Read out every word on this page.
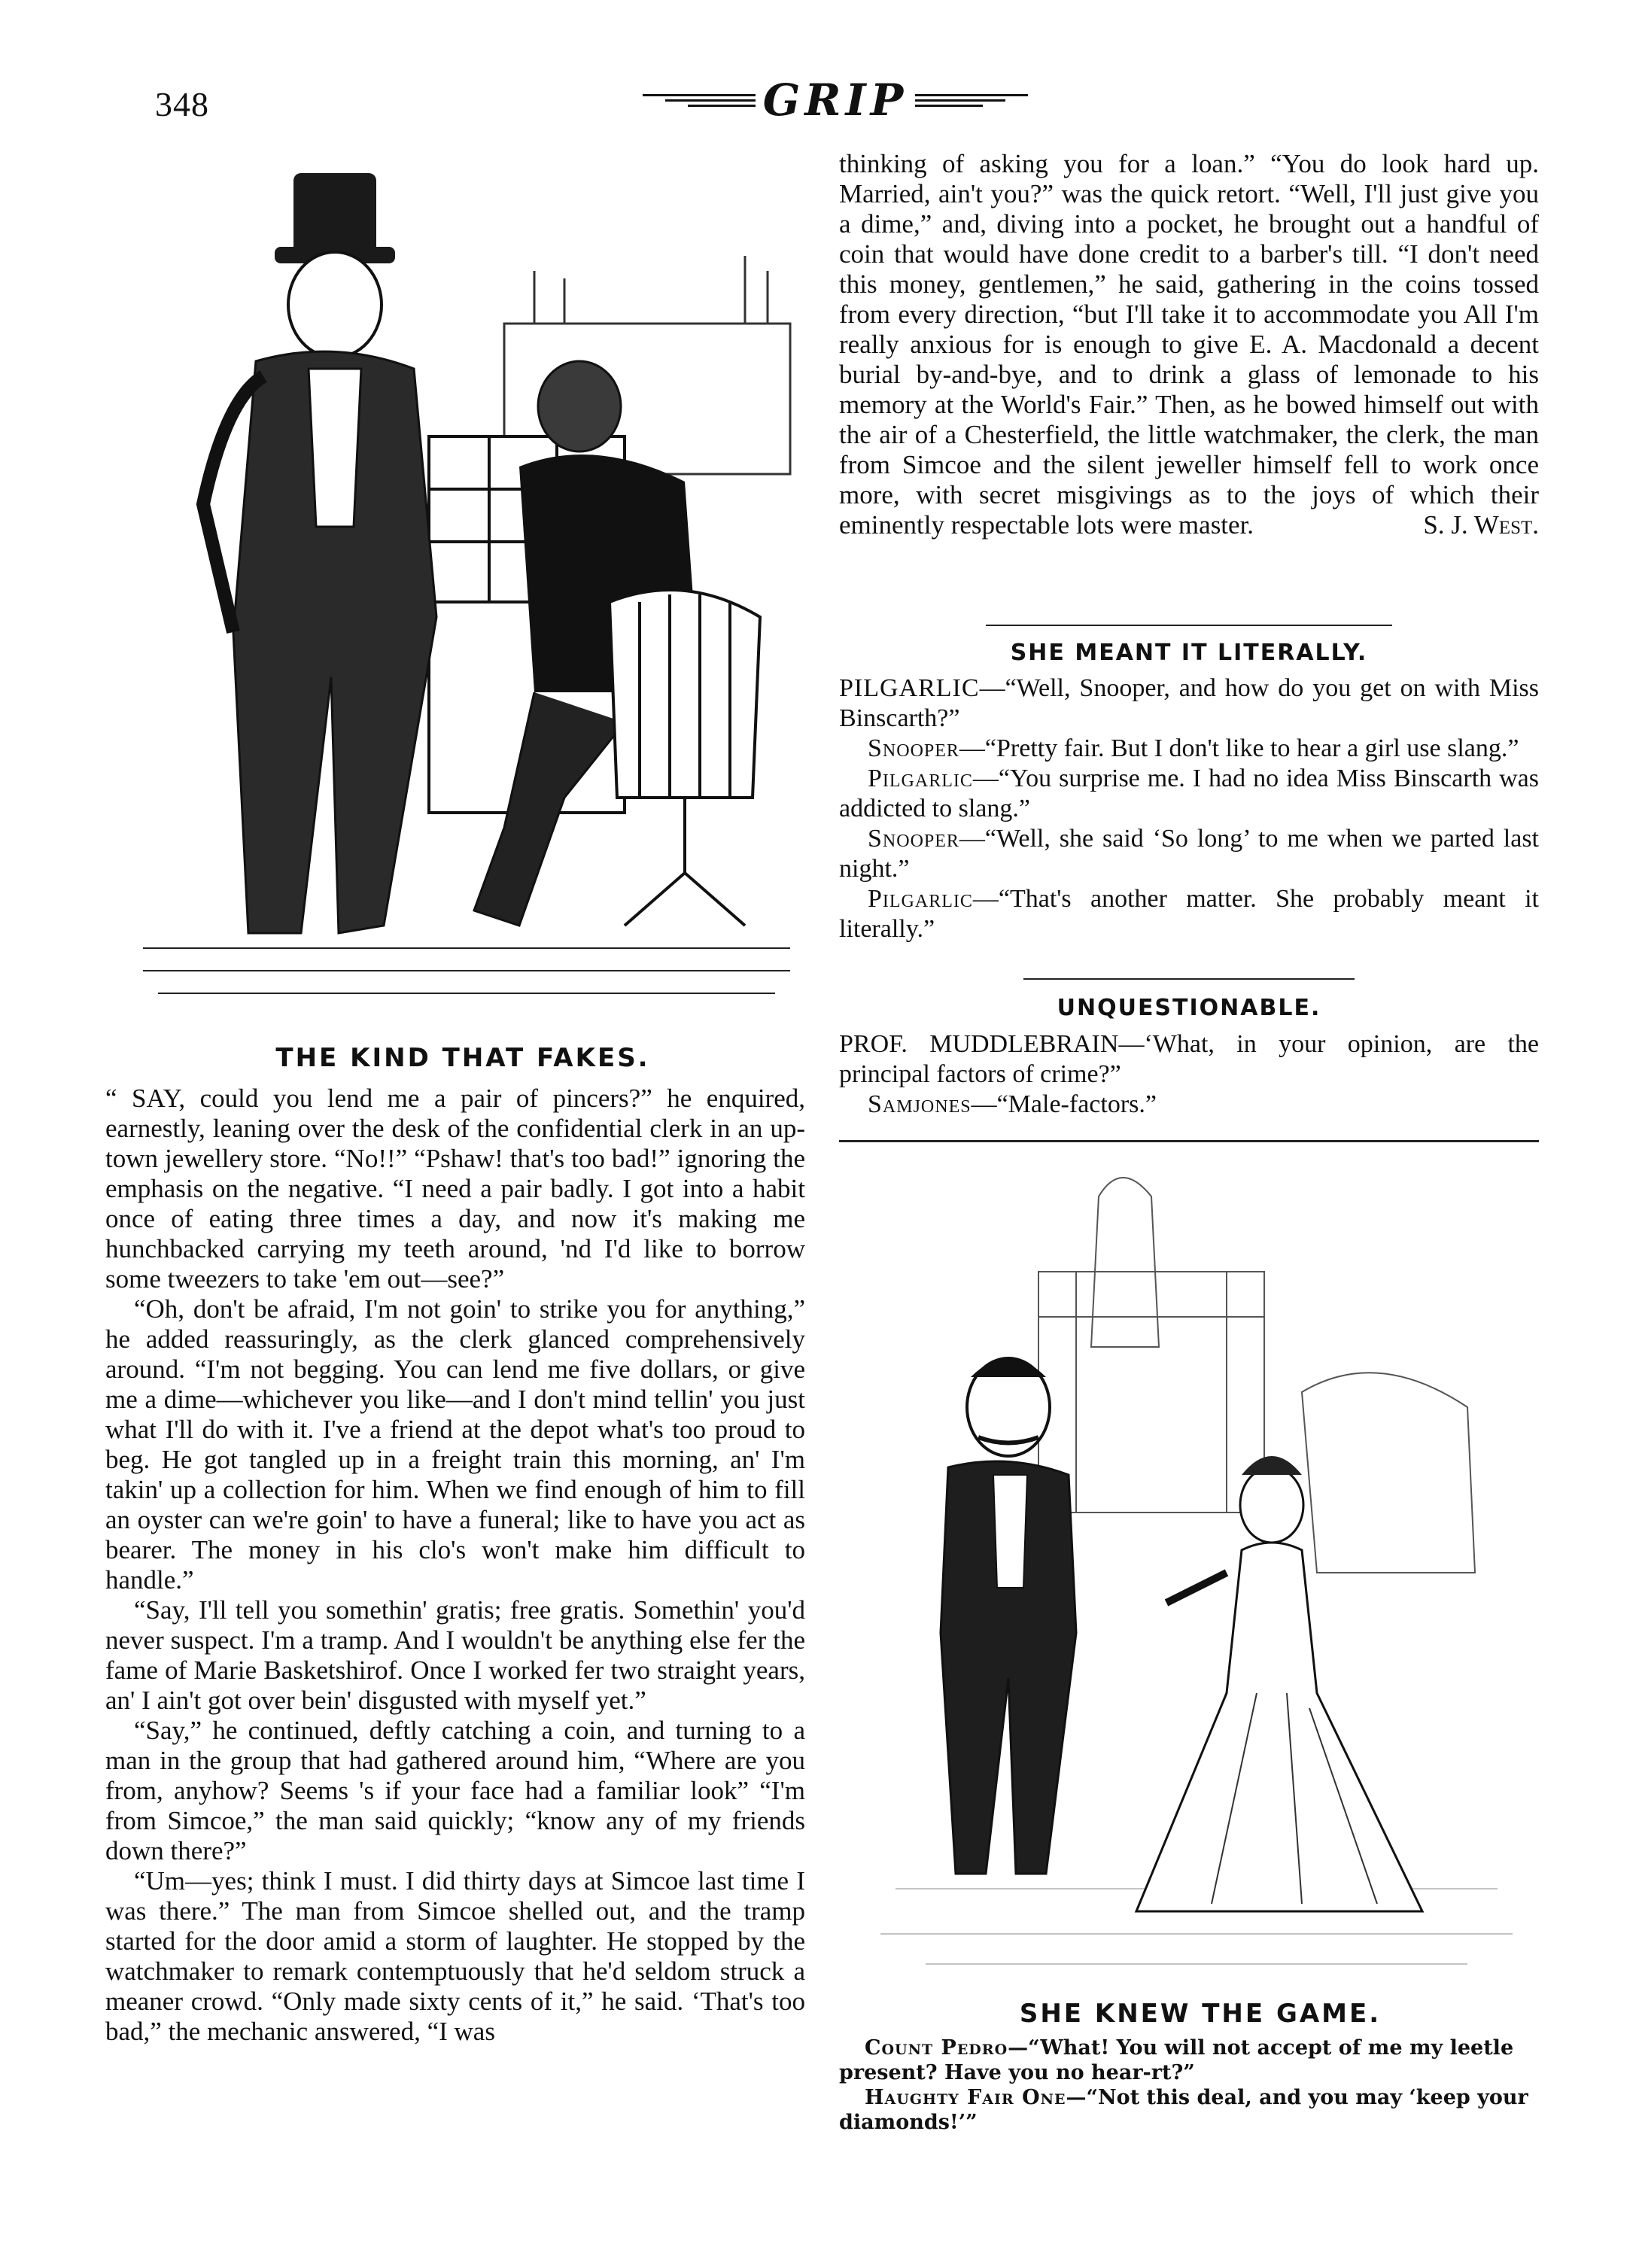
348	GRIP
THE KIND THAT FAKES.

“ SAY, could you lend me a pair of pincers?” he enquired, earnestly, leaning over the desk of the confidential clerk in an up-town jewellery store. “No!!” “Pshaw! that's too bad!” ignoring the emphasis on the negative. “I need a pair badly. I got into a habit once of eating three times a day, and now it's making me hunchbacked carrying my teeth around, 'nd I'd like to borrow some tweezers to take 'em out—see?”

“Oh, don't be afraid, I'm not goin' to strike you for anything,” he added reassuringly, as the clerk glanced comprehensively around. “I'm not begging. You can lend me five dollars, or give me a dime—whichever you like—and I don't mind tellin' you just what I'll do with it. I've a friend at the depot what's too proud to beg. He got tangled up in a freight train this morning, an' I'm takin' up a collection for him. When we find enough of him to fill an oyster can we're goin' to have a funeral; like to have you act as bearer. The money in his clo's won't make him difficult to handle.”

“Say, I'll tell you somethin' gratis; free gratis. Somethin' you'd never suspect. I'm a tramp. And I wouldn't be anything else fer the fame of Marie Basketshirof. Once I worked fer two straight years, an' I ain't got over bein' disgusted with myself yet.”

“Say,” he continued, deftly catching a coin, and turning to a man in the group that had gathered around him, “Where are you from, anyhow? Seems 's if your face had a familiar look” “I'm from Simcoe,” the man said quickly; “know any of my friends down there?”

“Um—yes; think I must. I did thirty days at Simcoe last time I was there.” The man from Simcoe shelled out, and the tramp started for the door amid a storm of laughter. He stopped by the watchmaker to remark contemptuously that he'd seldom struck a meaner crowd. “Only made sixty cents of it,” he said. ‘That's too bad,” the mechanic answered, “I was

thinking of asking you for a loan.” “You do look hard up. Married, ain't you?” was the quick retort. “Well, I'll just give you a dime,” and, diving into a pocket, he brought out a handful of coin that would have done credit to a barber's till. “I don't need this money, gentlemen,” he said, gathering in the coins tossed from every direction, “but I'll take it to accommodate you All I'm really anxious for is enough to give E. A. Macdonald a decent burial by-and-bye, and to drink a glass of lemonade to his memory at the World's Fair.” Then, as he bowed himself out with the air of a Chesterfield, the little watchmaker, the clerk, the man from Simcoe and the silent jeweller himself fell to work once more, with secret misgivings as to the joys of which their eminently respectable lots were master.	S. J. West.

SHE MEANT IT LITERALLY.

PILGARLIC—“Well, Snooper, and how do you get on with Miss Binscarth?”

Snooper—“Pretty fair. But I don't like to hear a girl use slang.”

Pilgarlic—“You surprise me. I had no idea Miss Binscarth was addicted to slang.”

Snooper—“Well, she said ‘So long’ to me when we parted last night.”

Pilgarlic—“That's another matter. She probably meant it literally.”

UNQUESTIONABLE.

PROF. MUDDLEBRAIN—‘What, in your opinion, are the principal factors of crime?”

Samjones—“Male-factors.”

SHE KNEW THE GAME.

Count Pedro—“What! You will not accept of me my leetle present? Have you no hear-rt?”

Haughty Fair One—“Not this deal, and you may ‘keep your diamonds!’”
